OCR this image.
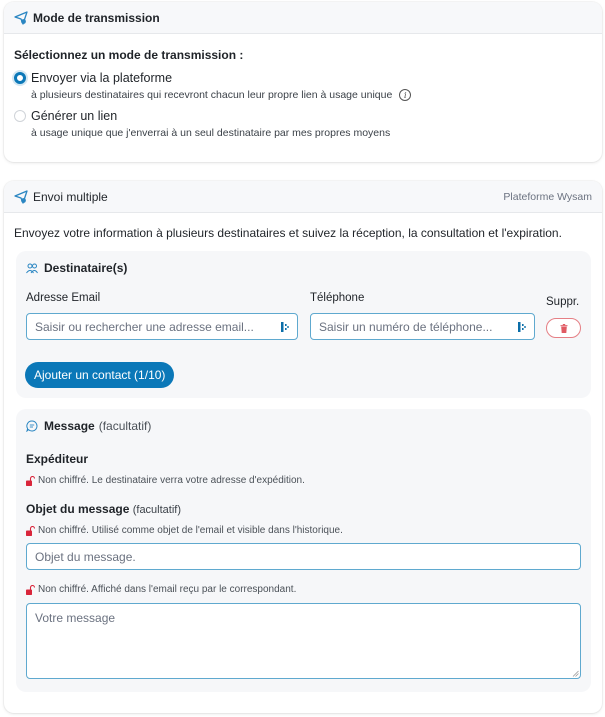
Mode de transmission
Sélectionnez un mode de transmission :
Envoyer via la plateforme
à plusieurs destinataires qui recevront chacun leur propre lien à usage unique	i
Générer un lien
à usage unique que j'enverrai à un seul destinataire par mes propres moyens
Envoi multiple	Plateforme Wysam
Envoyez votre information à plusieurs destinataires et suivez la réception, la consultation et l'expiration.
Destinataire(s)
Adresse Email
Saisir ou rechercher une adresse email...
Téléphone
Saisir un numéro de téléphone...
Suppr.
Ajouter un contact (1/10)
Message (facultatif)
Expéditeur
Non chiffré. Le destinataire verra votre adresse d'expédition.
Objet du message (facultatif)
Non chiffré. Utilisé comme objet de l'email et visible dans l'historique.
Objet du message.
Non chiffré. Affiché dans l'email reçu par le correspondant.
Votre message
